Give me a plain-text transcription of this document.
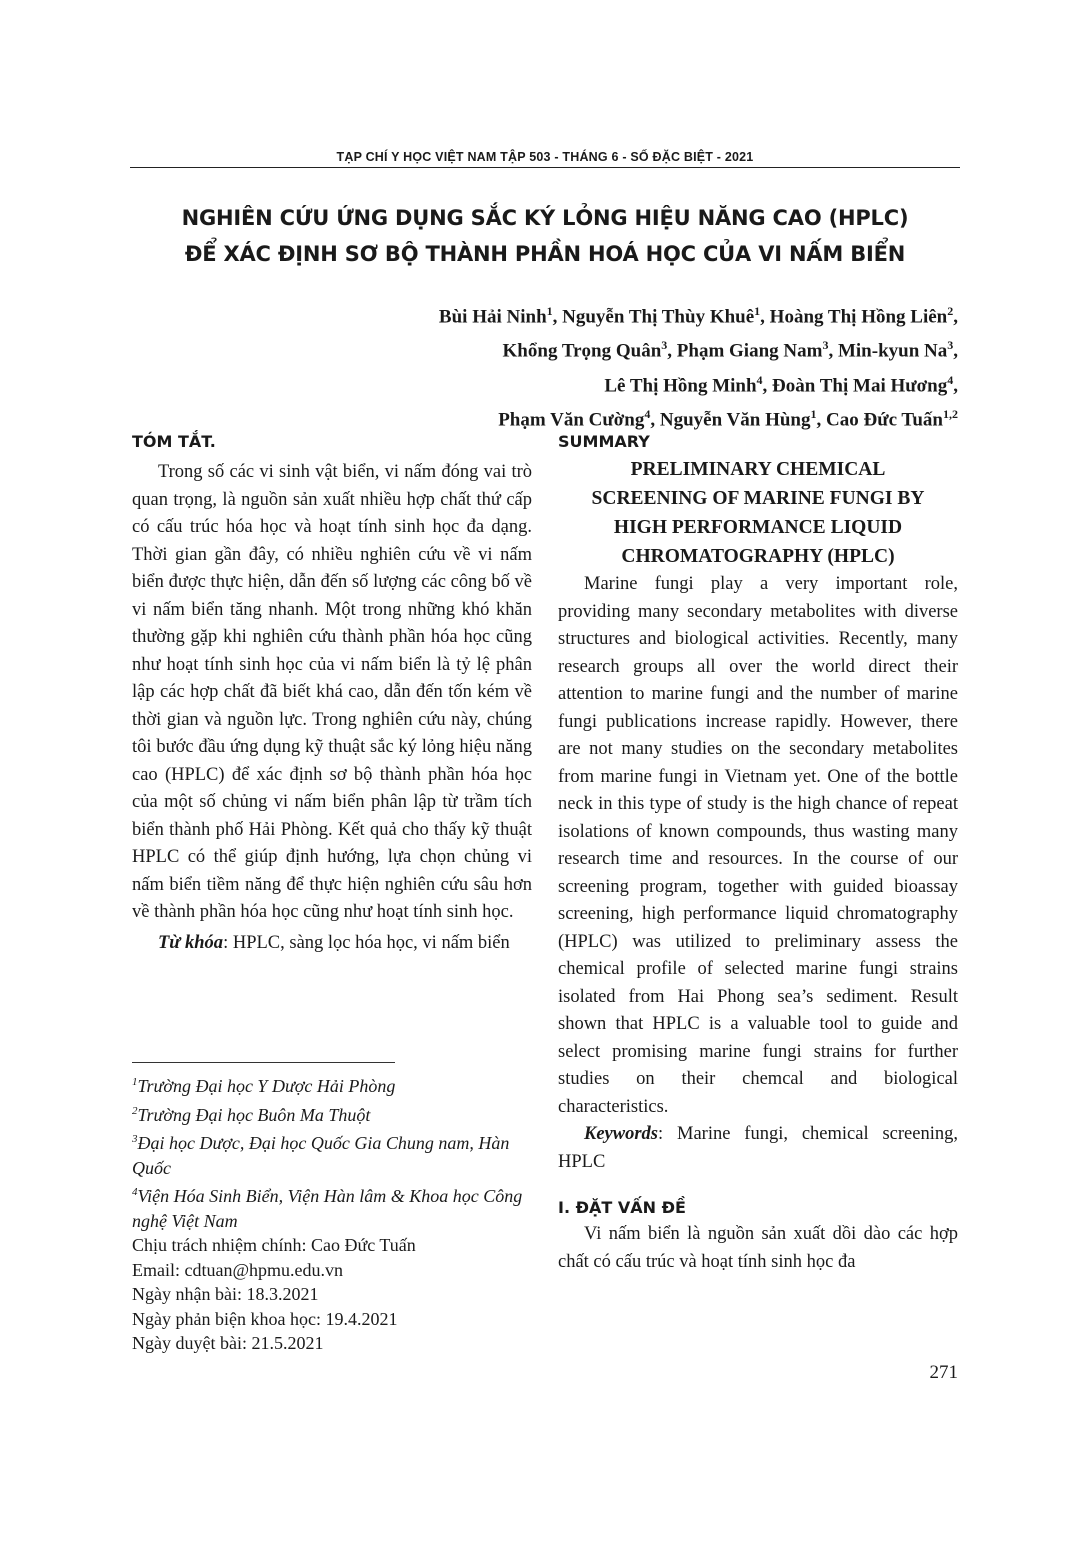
TẠP CHÍ Y HỌC VIỆT NAM TẬP 503 - THÁNG 6 - SỐ ĐẶC BIỆT - 2021
NGHIÊN CỨU ỨNG DỤNG SẮC KÝ LỎNG HIỆU NĂNG CAO (HPLC)
ĐỂ XÁC ĐỊNH SƠ BỘ THÀNH PHẦN HOÁ HỌC CỦA VI NẤM BIỂN
Bùi Hải Ninh$^1$, Nguyễn Thị Thùy Khuê$^1$, Hoàng Thị Hồng Liên$^2$,
Khổng Trọng Quân$^3$, Phạm Giang Nam$^3$, Min-kyun Na$^3$,
Lê Thị Hồng Minh$^4$, Đoàn Thị Mai Hương$^4$,
Phạm Văn Cường$^4$, Nguyễn Văn Hùng$^1$, Cao Đức Tuấn$^{1,2}$
TÓM TẮT.

Trong số các vi sinh vật biển, vi nấm đóng vai trò quan trọng, là nguồn sản xuất nhiều hợp chất thứ cấp có cấu trúc hóa học và hoạt tính sinh học đa dạng. Thời gian gần đây, có nhiều nghiên cứu về vi nấm biển được thực hiện, dẫn đến số lượng các công bố về vi nấm biển tăng nhanh. Một trong những khó khăn thường gặp khi nghiên cứu thành phần hóa học cũng như hoạt tính sinh học của vi nấm biển là tỷ lệ phân lập các hợp chất đã biết khá cao, dẫn đến tốn kém về thời gian và nguồn lực. Trong nghiên cứu này, chúng tôi bước đầu ứng dụng kỹ thuật sắc ký lỏng hiệu năng cao (HPLC) để xác định sơ bộ thành phần hóa học của một số chủng vi nấm biển phân lập từ trầm tích biển thành phố Hải Phòng. Kết quả cho thấy kỹ thuật HPLC có thể giúp định hướng, lựa chọn chủng vi nấm biển tiềm năng để thực hiện nghiên cứu sâu hơn về thành phần hóa học cũng như hoạt tính sinh học.

Từ khóa: HPLC, sàng lọc hóa học, vi nấm biển

$^1$Trường Đại học Y Dược Hải Phòng

$^2$Trường Đại học Buôn Ma Thuột

$^3$Đại học Dược, Đại học Quốc Gia Chung nam, Hàn Quốc

$^4$Viện Hóa Sinh Biển, Viện Hàn lâm & Khoa học Công nghệ Việt Nam

Chịu trách nhiệm chính: Cao Đức Tuấn

Email: cdtuan@hpmu.edu.vn

Ngày nhận bài: 18.3.2021

Ngày phản biện khoa học: 19.4.2021

Ngày duyệt bài: 21.5.2021

SUMMARY
PRELIMINARY CHEMICAL
SCREENING OF MARINE FUNGI BY
HIGH PERFORMANCE LIQUID
CHROMATOGRAPHY (HPLC)

Marine fungi play a very important role, providing many secondary metabolites with diverse structures and biological activities. Recently, many research groups all over the world direct their attention to marine fungi and the number of marine fungi publications increase rapidly. However, there are not many studies on the secondary metabolites from marine fungi in Vietnam yet. One of the bottle neck in this type of study is the high chance of repeat isolations of known compounds, thus wasting many research time and resources. In the course of our screening program, together with guided bioassay screening, high performance liquid chromatography (HPLC) was utilized to preliminary assess the chemical profile of selected marine fungi strains isolated from Hai Phong sea’s sediment. Result shown that HPLC is a valuable tool to guide and select promising marine fungi strains for further studies on their chemcal and biological characteristics.

Keywords: Marine fungi, chemical screening, HPLC

I. ĐẶT VẤN ĐỀ

Vi nấm biển là nguồn sản xuất dồi dào các hợp chất có cấu trúc và hoạt tính sinh học đa

271
